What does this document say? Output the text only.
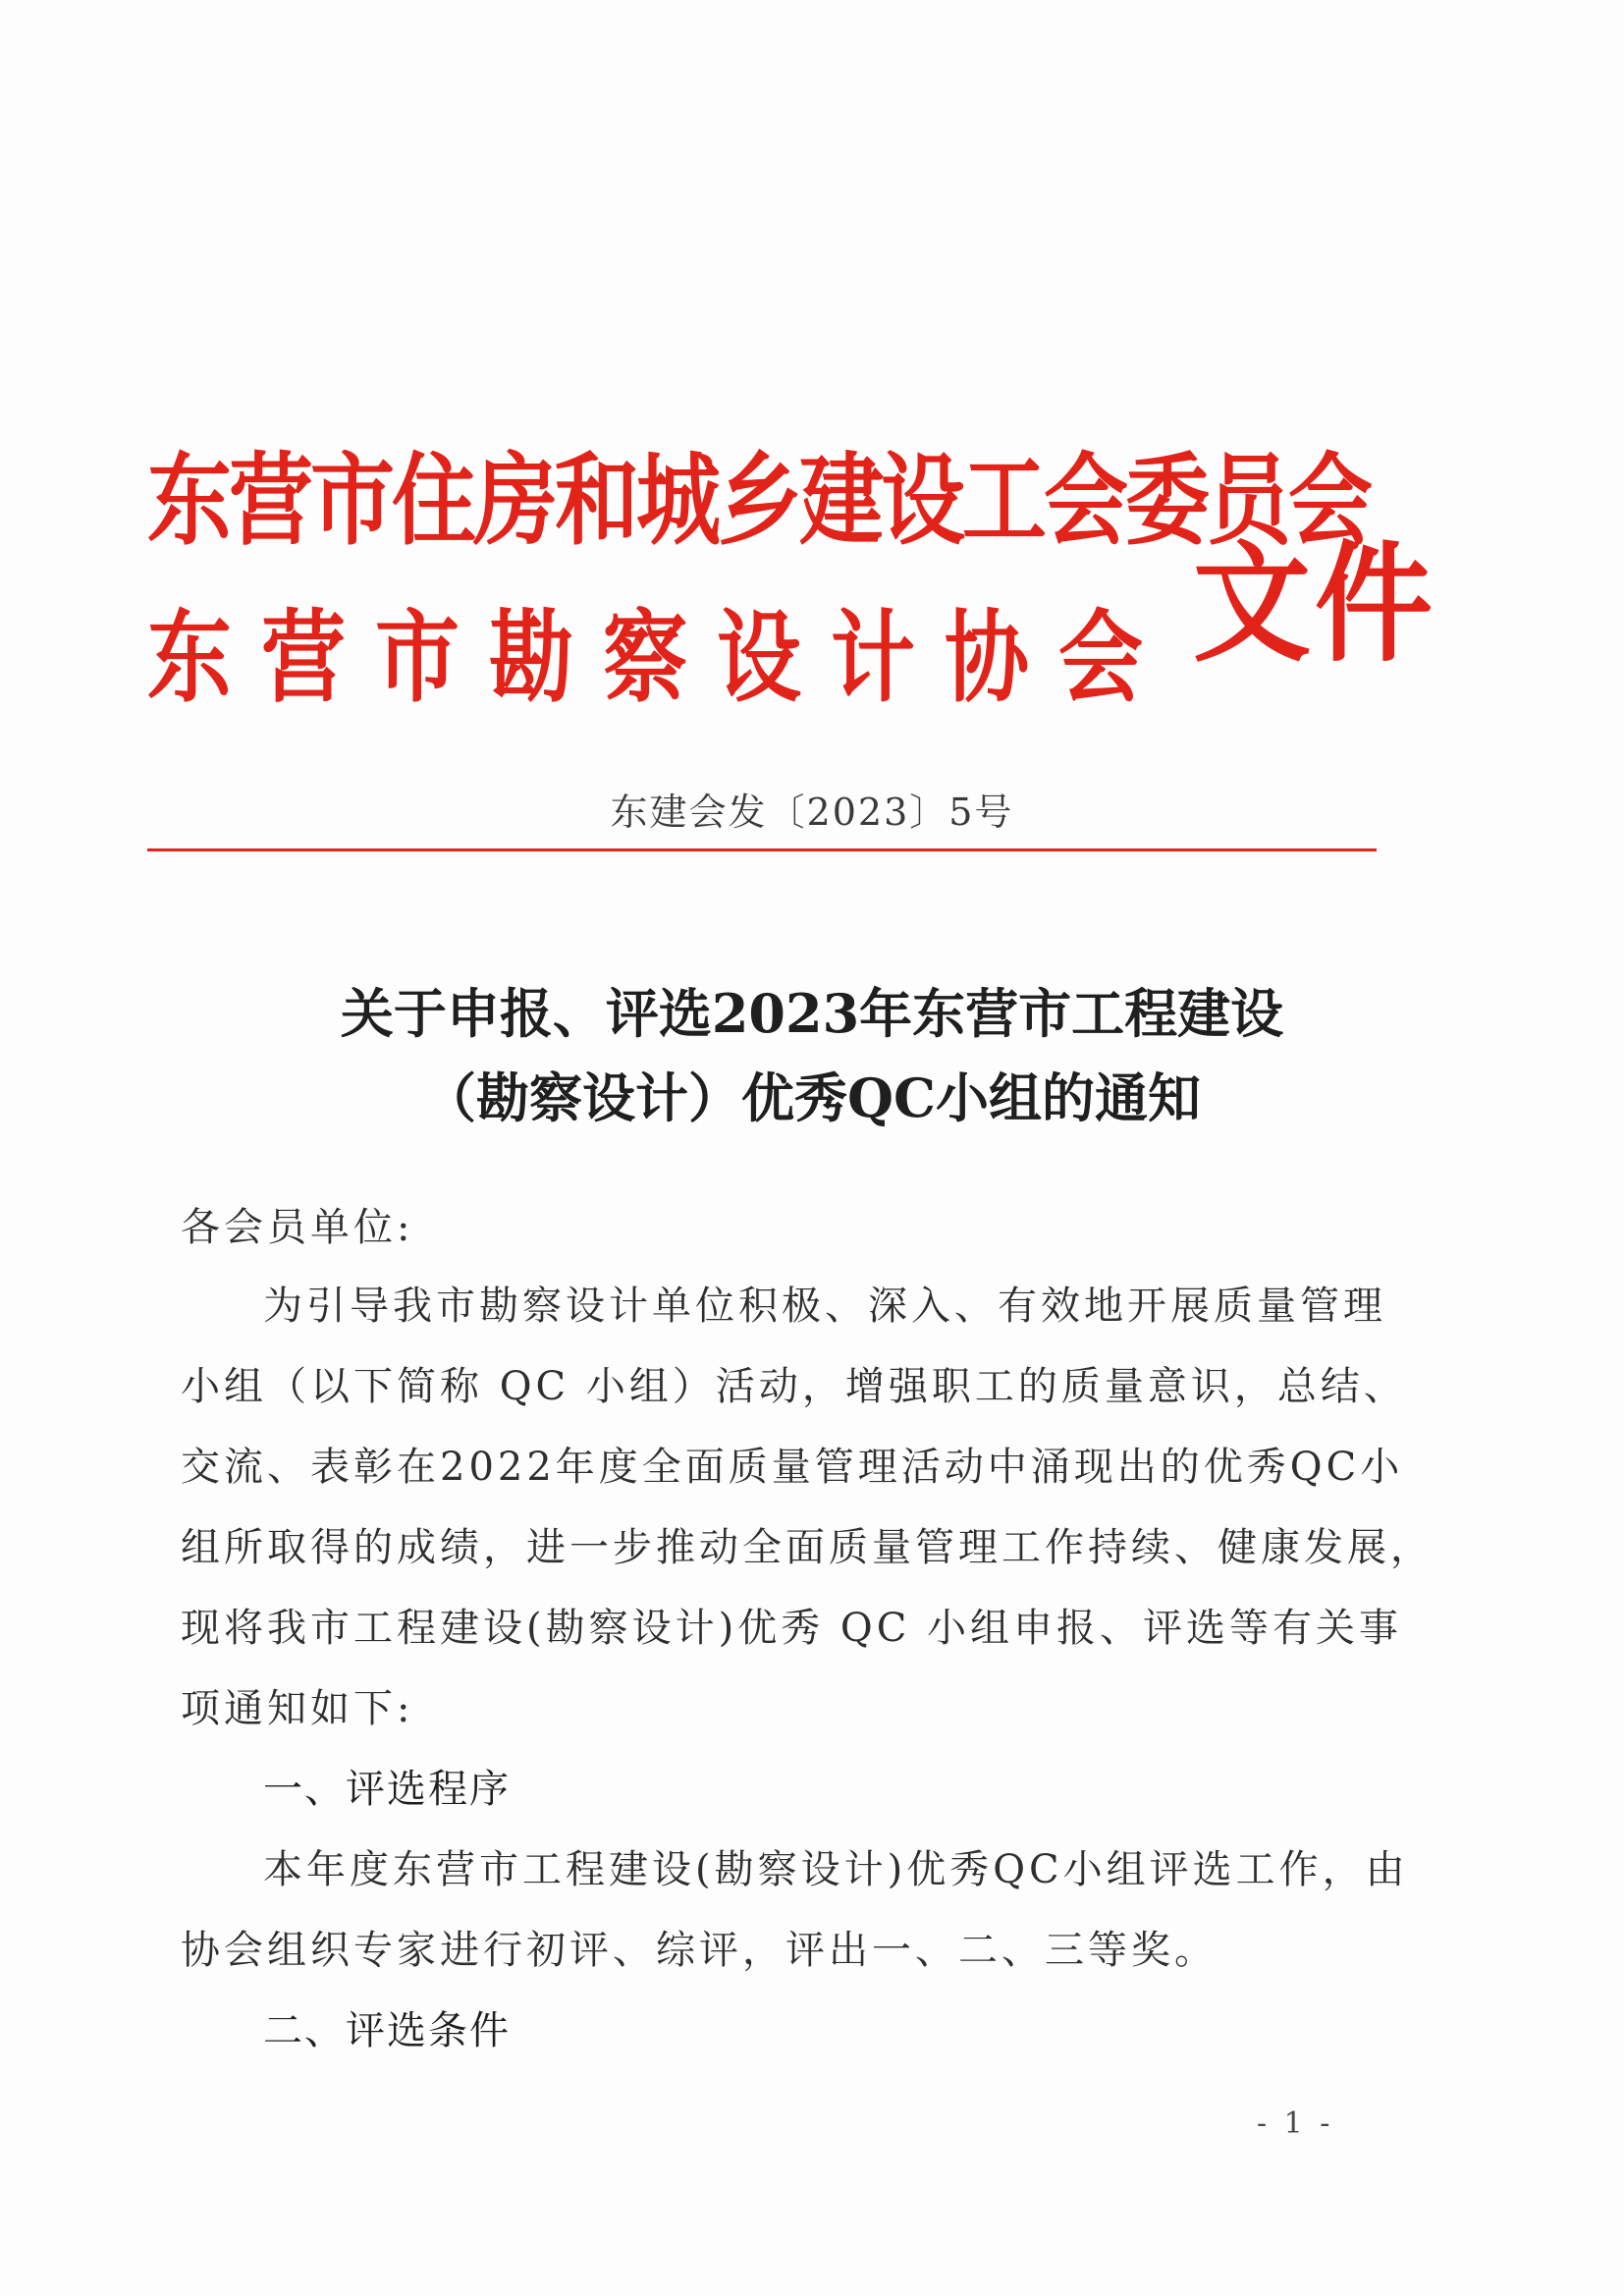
东营市住房和城乡建设工会委员会
东营市勘察设计协会 文件
东建会发〔2023〕5号
关于申报、评选2023年东营市工程建设
（勘察设计）优秀QC小组的通知
各会员单位:
为引导我市勘察设计单位积极、深入、有效地开展质量管理
小组（以下简称 QC 小组）活动，增强职工的质量意识，总结、
交流、表彰在2022年度全面质量管理活动中涌现出的优秀QC小
组所取得的成绩，进一步推动全面质量管理工作持续、健康发展，
现将我市工程建设(勘察设计)优秀 QC 小组申报、评选等有关事
项通知如下:
一、评选程序
本年度东营市工程建设(勘察设计)优秀QC小组评选工作，由
协会组织专家进行初评、综评，评出一、二、三等奖。
二、评选条件
- 1 -
